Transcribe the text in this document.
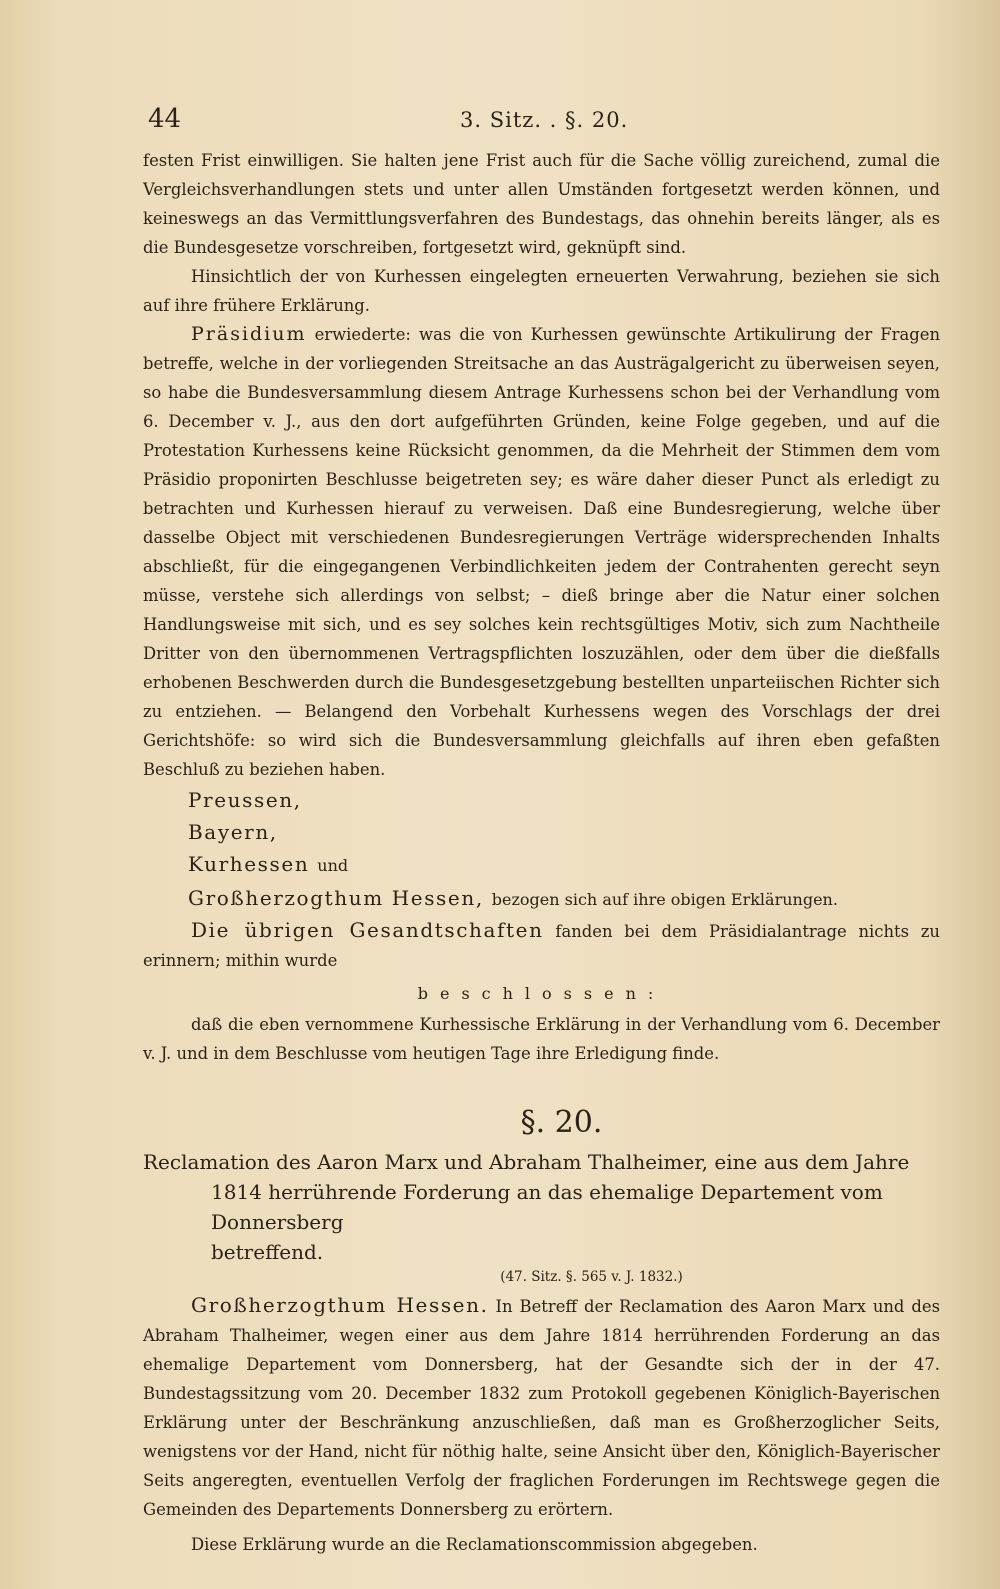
44	3. Sitz. . §. 20.

festen Frist einwilligen. Sie halten jene Frist auch für die Sache völlig zureichend, zumal die Vergleichsverhandlungen stets und unter allen Umständen fortgesetzt werden können, und keineswegs an das Vermittlungsverfahren des Bundestags, das ohnehin bereits länger, als es die Bundesgesetze vorschreiben, fortgesetzt wird, geknüpft sind.

Hinsichtlich der von Kurhessen eingelegten erneuerten Verwahrung, beziehen sie sich auf ihre frühere Erklärung.

Präsidium erwiederte: was die von Kurhessen gewünschte Artikulirung der Fragen betreffe, welche in der vorliegenden Streitsache an das Austrägalgericht zu überweisen seyen, so habe die Bundesversammlung diesem Antrage Kurhessens schon bei der Verhandlung vom 6. December v. J., aus den dort aufgeführten Gründen, keine Folge gegeben, und auf die Protestation Kurhessens keine Rücksicht genommen, da die Mehrheit der Stimmen dem vom Präsidio proponirten Beschlusse beigetreten sey; es wäre daher dieser Punct als erledigt zu betrachten und Kurhessen hierauf zu verweisen. Daß eine Bundesregierung, welche über dasselbe Object mit verschiedenen Bundesregierungen Verträge widersprechenden Inhalts abschließt, für die eingegangenen Verbindlichkeiten jedem der Contrahenten gerecht seyn müsse, verstehe sich allerdings von selbst; – dieß bringe aber die Natur einer solchen Handlungsweise mit sich, und es sey solches kein rechtsgültiges Motiv, sich zum Nachtheile Dritter von den übernommenen Vertragspflichten loszuzählen, oder dem über die dießfalls erhobenen Beschwerden durch die Bundesgesetzgebung bestellten unparteiischen Richter sich zu entziehen. — Belangend den Vorbehalt Kurhessens wegen des Vorschlags der drei Gerichtshöfe: so wird sich die Bundesversammlung gleichfalls auf ihren eben gefaßten Beschluß zu beziehen haben.

Preussen,
Bayern,
Kurhessen und
Großherzogthum Hessen, bezogen sich auf ihre obigen Erklärungen.

Die übrigen Gesandtschaften fanden bei dem Präsidialantrage nichts zu erinnern; mithin wurde

beschlossen:

daß die eben vernommene Kurhessische Erklärung in der Verhandlung vom 6. December v. J. und in dem Beschlusse vom heutigen Tage ihre Erledigung finde.

§. 20.

Reclamation des Aaron Marx und Abraham Thalheimer, eine aus dem Jahre
1814 herrührende Forderung an das ehemalige Departement vom Donnersberg
betreffend.

(47. Sitz. §. 565 v. J. 1832.)

Großherzogthum Hessen. In Betreff der Reclamation des Aaron Marx und des Abraham Thalheimer, wegen einer aus dem Jahre 1814 herrührenden Forderung an das ehemalige Departement vom Donnersberg, hat der Gesandte sich der in der 47. Bundestagssitzung vom 20. December 1832 zum Protokoll gegebenen Königlich-Bayerischen Erklärung unter der Beschränkung anzuschließen, daß man es Großherzoglicher Seits, wenigstens vor der Hand, nicht für nöthig halte, seine Ansicht über den, Königlich-Bayerischer Seits angeregten, eventuellen Verfolg der fraglichen Forderungen im Rechtswege gegen die Gemeinden des Departements Donnersberg zu erörtern.

Diese Erklärung wurde an die Reclamationscommission abgegeben.
